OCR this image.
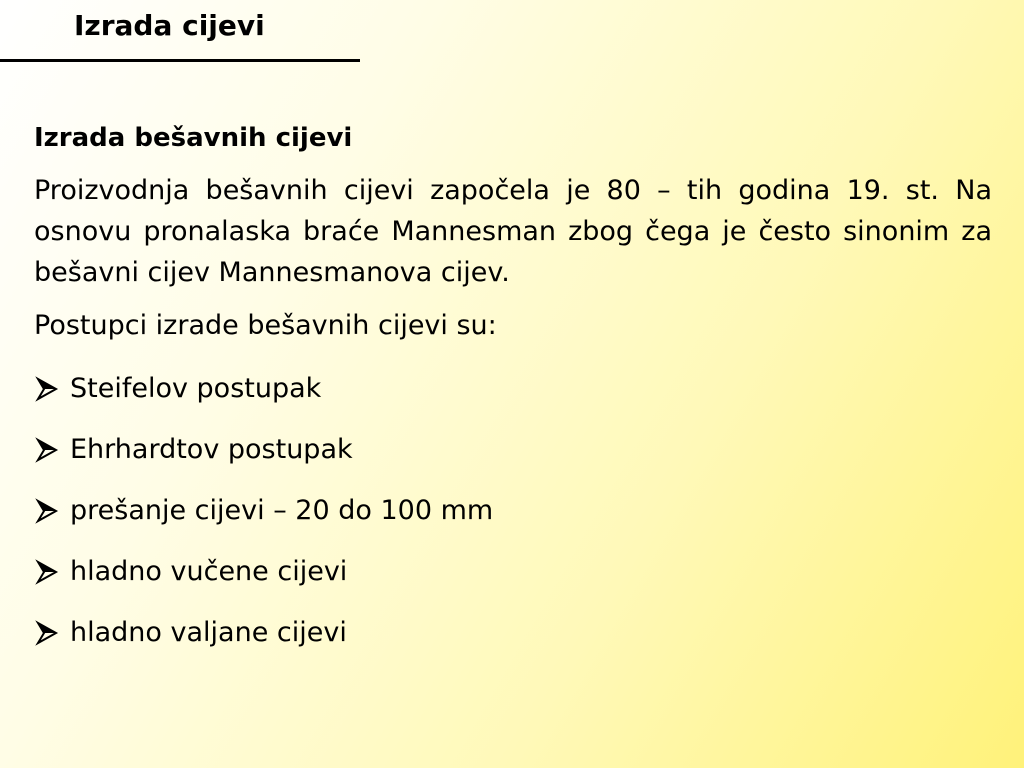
Izrada cijevi
Izrada bešavnih cijevi

Proizvodnja bešavnih cijevi započela je 80 – tih godina 19. st. Na osnovu pronalaska braće Mannesman zbog čega je često sinonim za bešavni cijev Mannesmanova cijev.

Postupci izrade bešavnih cijevi su:

Steifelov postupak
Ehrhardtov postupak
prešanje cijevi – 20 do 100 mm
hladno vučene cijevi
hladno valjane cijevi
